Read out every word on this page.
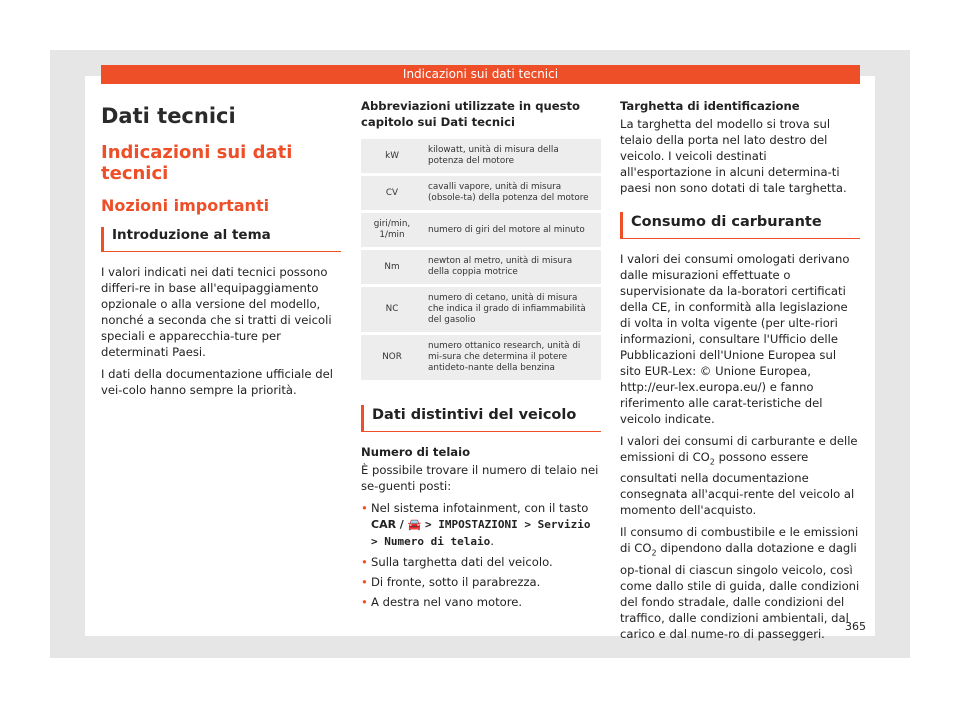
Indicazioni sui dati tecnici
Dati tecnici
Indicazioni sui dati tecnici
Nozioni importanti
Introduzione al tema

I valori indicati nei dati tecnici possono differi-re in base all'equipaggiamento opzionale o alla versione del modello, nonché a seconda che si tratti di veicoli speciali e apparecchia-ture per determinati Paesi.

I dati della documentazione ufficiale del vei-colo hanno sempre la priorità.

Abbreviazioni utilizzate in questo capitolo sui Dati tecnici
kW	kilowatt, unità di misura della potenza del motore
CV	cavalli vapore, unità di misura (obsole-ta) della potenza del motore
giri/min, 1/min	numero di giri del motore al minuto
Nm	newton al metro, unità di misura della coppia motrice
NC	numero di cetano, unità di misura che indica il grado di infiammabilità del gasolio
NOR	numero ottanico research, unità di mi-sura che determina il potere antideto-nante della benzina
Dati distintivi del veicolo
Numero di telaio

È possibile trovare il numero di telaio nei se-guenti posti:

• Nel sistema infotainment, con il tasto
CAR / 🚘 > IMPOSTAZIONI > Servizio > Numero di telaio.
• Sulla targhetta dati del veicolo.
• Di fronte, sotto il parabrezza.
• A destra nel vano motore.
Targhetta di identificazione

La targhetta del modello si trova sul telaio della porta nel lato destro del veicolo. I veicoli destinati all'esportazione in alcuni determina-ti paesi non sono dotati di tale targhetta.

Consumo di carburante

I valori dei consumi omologati derivano dalle misurazioni effettuate o supervisionate da la-boratori certificati della CE, in conformità alla legislazione di volta in volta vigente (per ulte-riori informazioni, consultare l'Ufficio delle Pubblicazioni dell'Unione Europea sul sito EUR-Lex: © Unione Europea, http://eur-lex.europa.eu/) e fanno riferimento alle carat-teristiche del veicolo indicate.

I valori dei consumi di carburante e delle emissioni di $CO_2$ possono essere consultati nella documentazione consegnata all'acqui-rente del veicolo al momento dell'acquisto.

Il consumo di combustibile e le emissioni di $CO_2$ dipendono dalla dotazione e dagli op-tional di ciascun singolo veicolo, così come dallo stile di guida, dalle condizioni del fondo stradale, dalle condizioni del traffico, dalle condizioni ambientali, dal carico e dal nume-ro di passeggeri.

365
